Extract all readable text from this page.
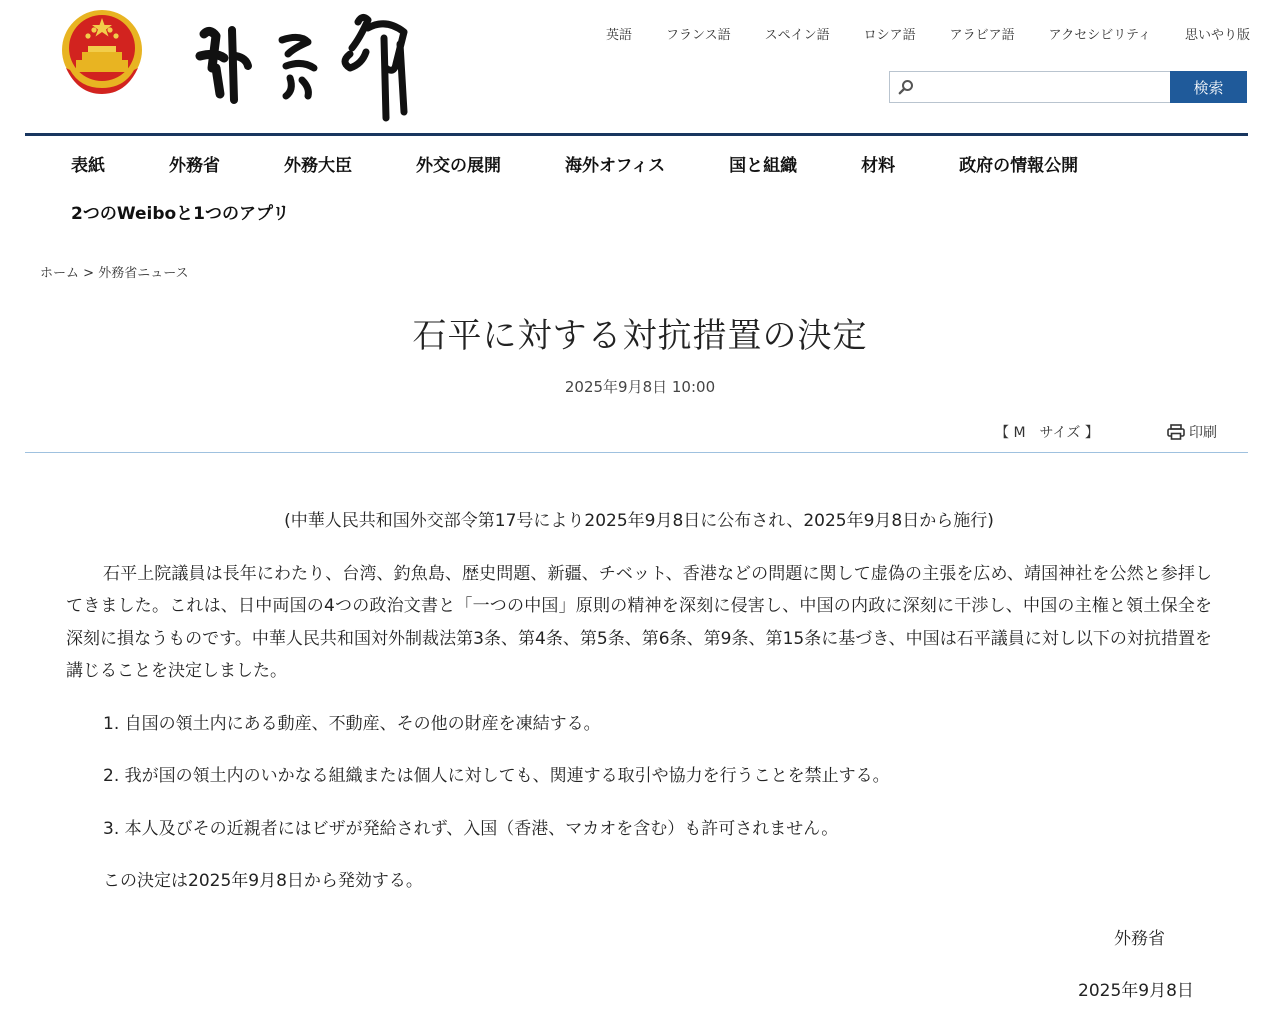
英語	フランス語	スペイン語	ロシア語	アラビア語	アクセシビリティ	思いやり版
検索
表紙	外務省	外務大臣	外交の展開	海外オフィス	国と組織	材料	政府の情報公開
2つのWeiboと1つのアプリ
ホーム > 外務省ニュース
石平に対する対抗措置の決定
2025年9月8日 10:00
【 M　サイズ 】	印刷

(中華人民共和国外交部令第17号により2025年9月8日に公布され、2025年9月8日から施行)

石平上院議員は長年にわたり、台湾、釣魚島、歴史問題、新疆、チベット、香港などの問題に関して虚偽の主張を広め、靖国神社を公然と参拝してきました。これは、日中両国の4つの政治文書と「一つの中国」原則の精神を深刻に侵害し、中国の内政に深刻に干渉し、中国の主権と領土保全を深刻に損なうものです。中華人民共和国対外制裁法第3条、第4条、第5条、第6条、第9条、第15条に基づき、中国は石平議員に対し以下の対抗措置を講じることを決定しました。

1. 自国の領土内にある動産、不動産、その他の財産を凍結する。

2. 我が国の領土内のいかなる組織または個人に対しても、関連する取引や協力を行うことを禁止する。

3. 本人及びその近親者にはビザが発給されず、入国（香港、マカオを含む）も許可されません。

この決定は2025年9月8日から発効する。

外務省
2025年9月8日
